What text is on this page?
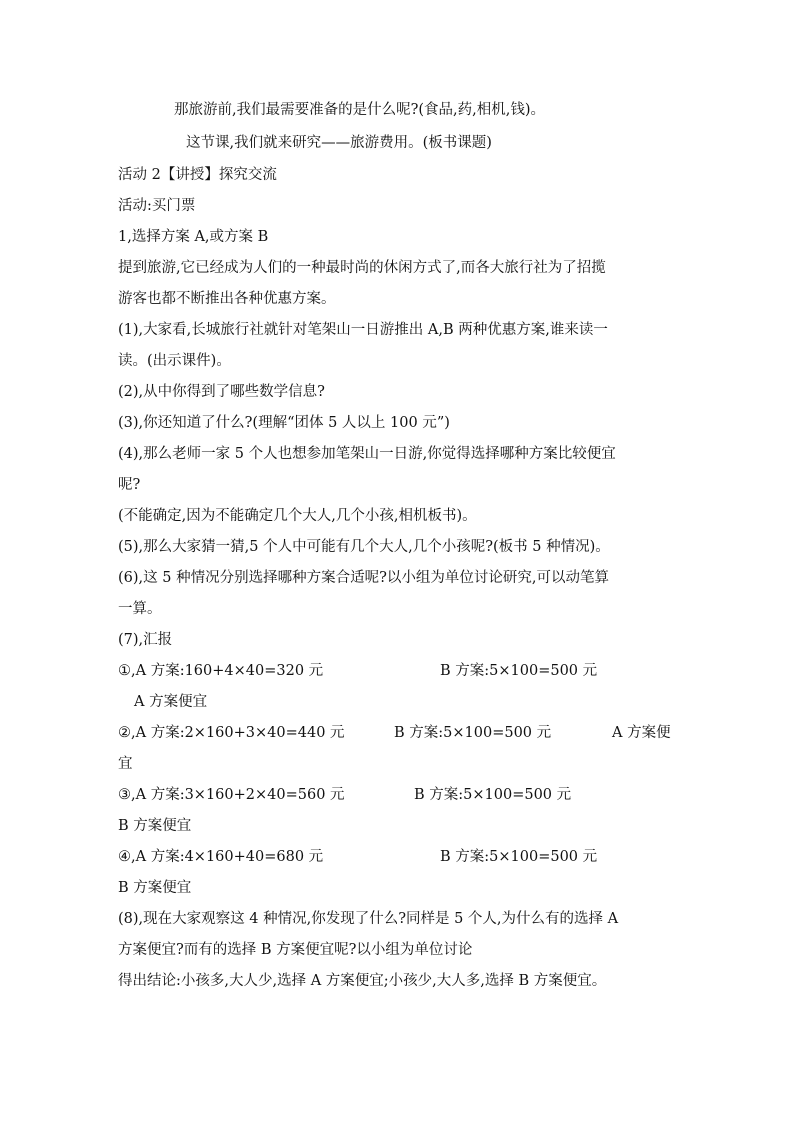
那旅游前,我们最需要准备的是什么呢?(食品,药,相机,钱)。
这节课,我们就来研究——旅游费用。(板书课题)
活动 2【讲授】探究交流
活动:买门票
1,选择方案 A,或方案 B
提到旅游,它已经成为人们的一种最时尚的休闲方式了,而各大旅行社为了招揽
游客也都不断推出各种优惠方案。
(1),大家看,长城旅行社就针对笔架山一日游推出 A,B 两种优惠方案,谁来读一
读。(出示课件)。
(2),从中你得到了哪些数学信息?
(3),你还知道了什么?(理解“团体 5 人以上 100 元”)
(4),那么老师一家 5 个人也想参加笔架山一日游,你觉得选择哪种方案比较便宜
呢?
(不能确定,因为不能确定几个大人,几个小孩,相机板书)。
(5),那么大家猜一猜,5 个人中可能有几个大人,几个小孩呢?(板书 5 种情况)。
(6),这 5 种情况分别选择哪种方案合适呢?以小组为单位讨论研究,可以动笔算
一算。
(7),汇报
①,A 方案:160+4×40=320 元	B 方案:5×100=500 元
A 方案便宜
②,A 方案:2×160+3×40=440 元	B 方案:5×100=500 元	A 方案便
宜
③,A 方案:3×160+2×40=560 元	B 方案:5×100=500 元
B 方案便宜
④,A 方案:4×160+40=680 元	B 方案:5×100=500 元
B 方案便宜
(8),现在大家观察这 4 种情况,你发现了什么?同样是 5 个人,为什么有的选择 A
方案便宜?而有的选择 B 方案便宜呢?以小组为单位讨论
得出结论:小孩多,大人少,选择 A 方案便宜;小孩少,大人多,选择 B 方案便宜。
